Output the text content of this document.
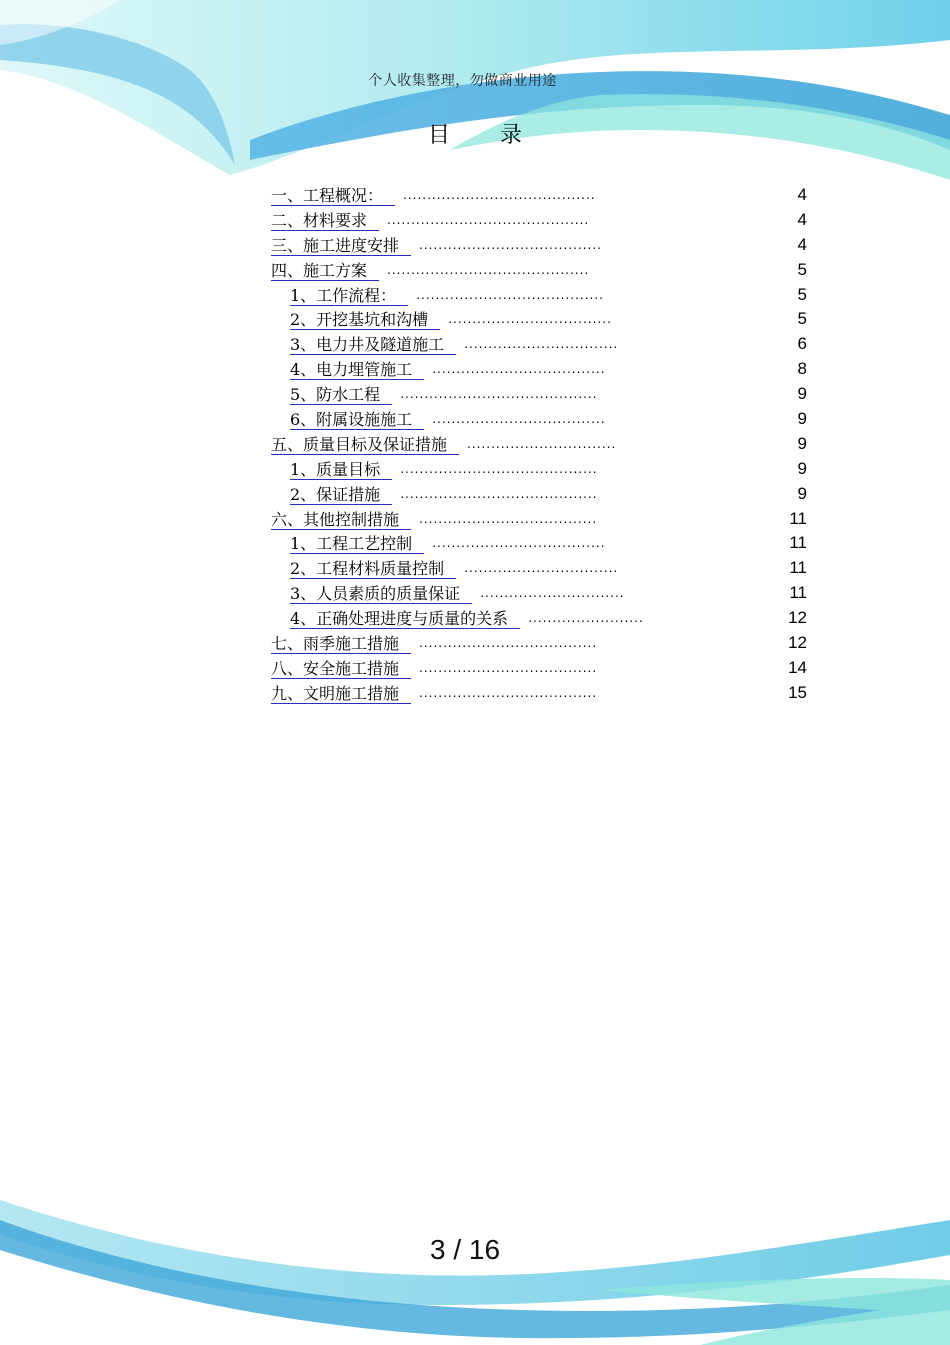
个人收集整理，勿做商业用途
目 录
一、工程概况： ........................................	4
二、材料要求 ..........................................	4
三、施工进度安排 ......................................	4
四、施工方案 ..........................................	5
1、工作流程： .......................................	5
2、开挖基坑和沟槽 ..................................	5
3、电力井及隧道施工 ................................	6
4、电力埋管施工 ....................................	8
5、防水工程 .........................................	9
6、附属设施施工 ....................................	9
五、质量目标及保证措施 ...............................	9
1、质量目标 .........................................	9
2、保证措施 .........................................	9
六、其他控制措施 .....................................	11
1、工程工艺控制 ....................................	11
2、工程材料质量控制 ................................	11
3、人员素质的质量保证 ..............................	11
4、正确处理进度与质量的关系 ........................	12
七、雨季施工措施 .....................................	12
八、安全施工措施 .....................................	14
九、文明施工措施 .....................................	15
3 / 16
